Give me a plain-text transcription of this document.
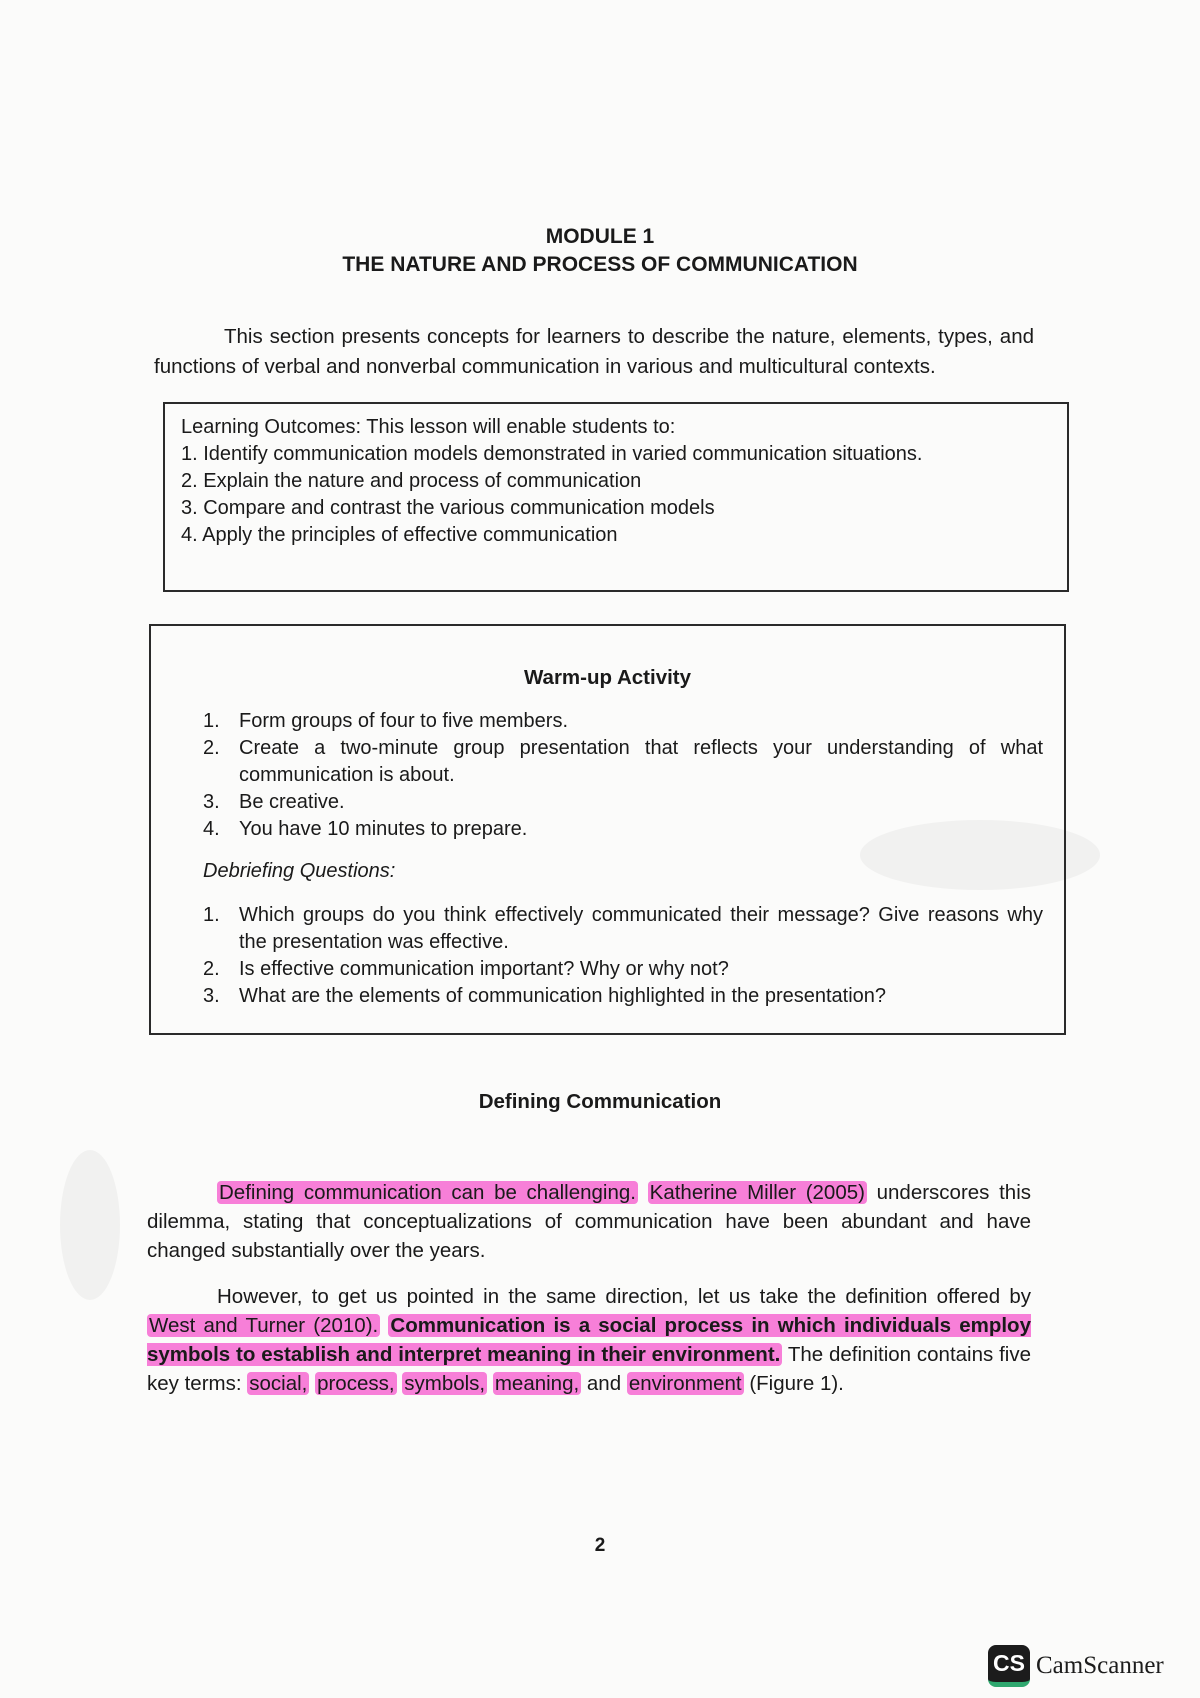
MODULE 1
THE NATURE AND PROCESS OF COMMUNICATION

This section presents concepts for learners to describe the nature, elements, types, and functions of verbal and nonverbal communication in various and multicultural contexts.

Learning Outcomes: This lesson will enable students to:
1. Identify communication models demonstrated in varied communication situations.
2. Explain the nature and process of communication
3. Compare and contrast the various communication models
4. Apply the principles of effective communication
Warm-up Activity
1. Form groups of four to five members.
2. Create a two-minute group presentation that reflects your understanding of what communication is about.
3. Be creative.
4. You have 10 minutes to prepare.
Debriefing Questions:
1. Which groups do you think effectively communicated their message? Give reasons why the presentation was effective.
2. Is effective communication important? Why or why not?
3. What are the elements of communication highlighted in the presentation?
Defining Communication

Defining communication can be challenging. Katherine Miller (2005) underscores this dilemma, stating that conceptualizations of communication have been abundant and have changed substantially over the years.

However, to get us pointed in the same direction, let us take the definition offered by West and Turner (2010). Communication is a social process in which individuals employ symbols to establish and interpret meaning in their environment. The definition contains five key terms: social, process, symbols, meaning, and environment (Figure 1).

2
CS CamScanner
